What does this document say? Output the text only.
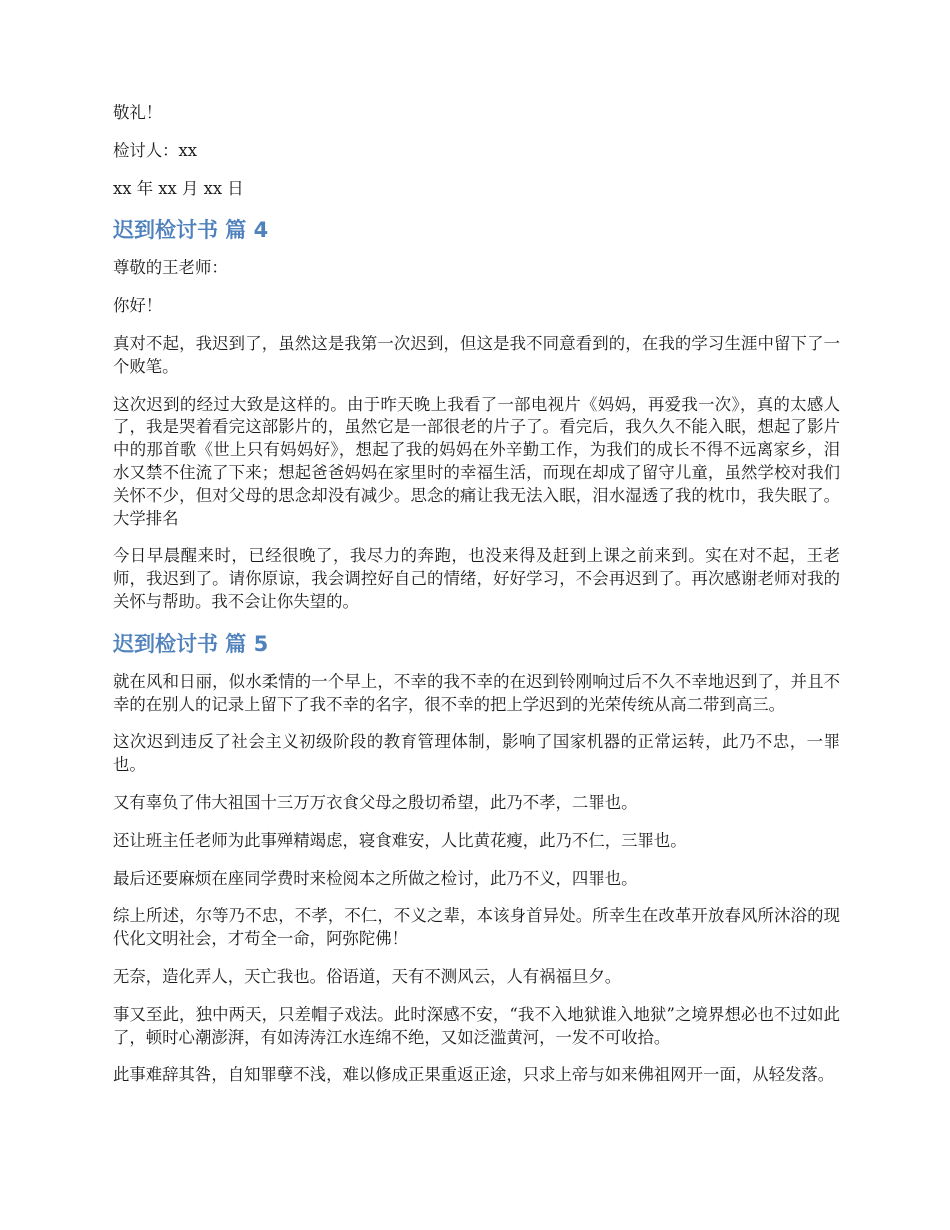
敬礼！

检讨人：xx

xx 年 xx 月 xx 日

迟到检讨书 篇 4

尊敬的王老师：

你好！

真对不起，我迟到了，虽然这是我第一次迟到，但这是我不同意看到的，在我的学习生涯中留下了一个败笔。

这次迟到的经过大致是这样的。由于昨天晚上我看了一部电视片《妈妈，再爱我一次》，真的太感人了，我是哭着看完这部影片的，虽然它是一部很老的片子了。看完后，我久久不能入眠，想起了影片中的那首歌《世上只有妈妈好》，想起了我的妈妈在外辛勤工作，为我们的成长不得不远离家乡，泪水又禁不住流了下来；想起爸爸妈妈在家里时的幸福生活，而现在却成了留守儿童，虽然学校对我们关怀不少，但对父母的思念却没有减少。思念的痛让我无法入眠，泪水湿透了我的枕巾，我失眠了。 大学排名

今日早晨醒来时，已经很晚了，我尽力的奔跑，也没来得及赶到上课之前来到。实在对不起，王老师，我迟到了。请你原谅，我会调控好自己的情绪，好好学习，不会再迟到了。再次感谢老师对我的关怀与帮助。我不会让你失望的。

迟到检讨书 篇 5

就在风和日丽，似水柔情的一个早上，不幸的我不幸的在迟到铃刚响过后不久不幸地迟到了，并且不幸的在别人的记录上留下了我不幸的名字，很不幸的把上学迟到的光荣传统从高二带到高三。

这次迟到违反了社会主义初级阶段的教育管理体制，影响了国家机器的正常运转，此乃不忠，一罪也。

又有辜负了伟大祖国十三万万衣食父母之殷切希望，此乃不孝，二罪也。

还让班主任老师为此事殚精竭虑，寝食难安，人比黄花瘦，此乃不仁，三罪也。

最后还要麻烦在座同学费时来检阅本之所做之检讨，此乃不义，四罪也。

综上所述，尔等乃不忠，不孝，不仁，不义之辈，本该身首异处。所幸生在改革开放春风所沐浴的现代化文明社会，才苟全一命，阿弥陀佛！

无奈，造化弄人，天亡我也。俗语道，天有不测风云，人有祸福旦夕。

事又至此，独中两天，只差帽子戏法。此时深感不安，“我不入地狱谁入地狱”之境界想必也不过如此了，顿时心潮澎湃，有如涛涛江水连绵不绝，又如泛滥黄河，一发不可收拾。

此事难辞其咎，自知罪孽不浅，难以修成正果重返正途，只求上帝与如来佛祖网开一面，从轻发落。
